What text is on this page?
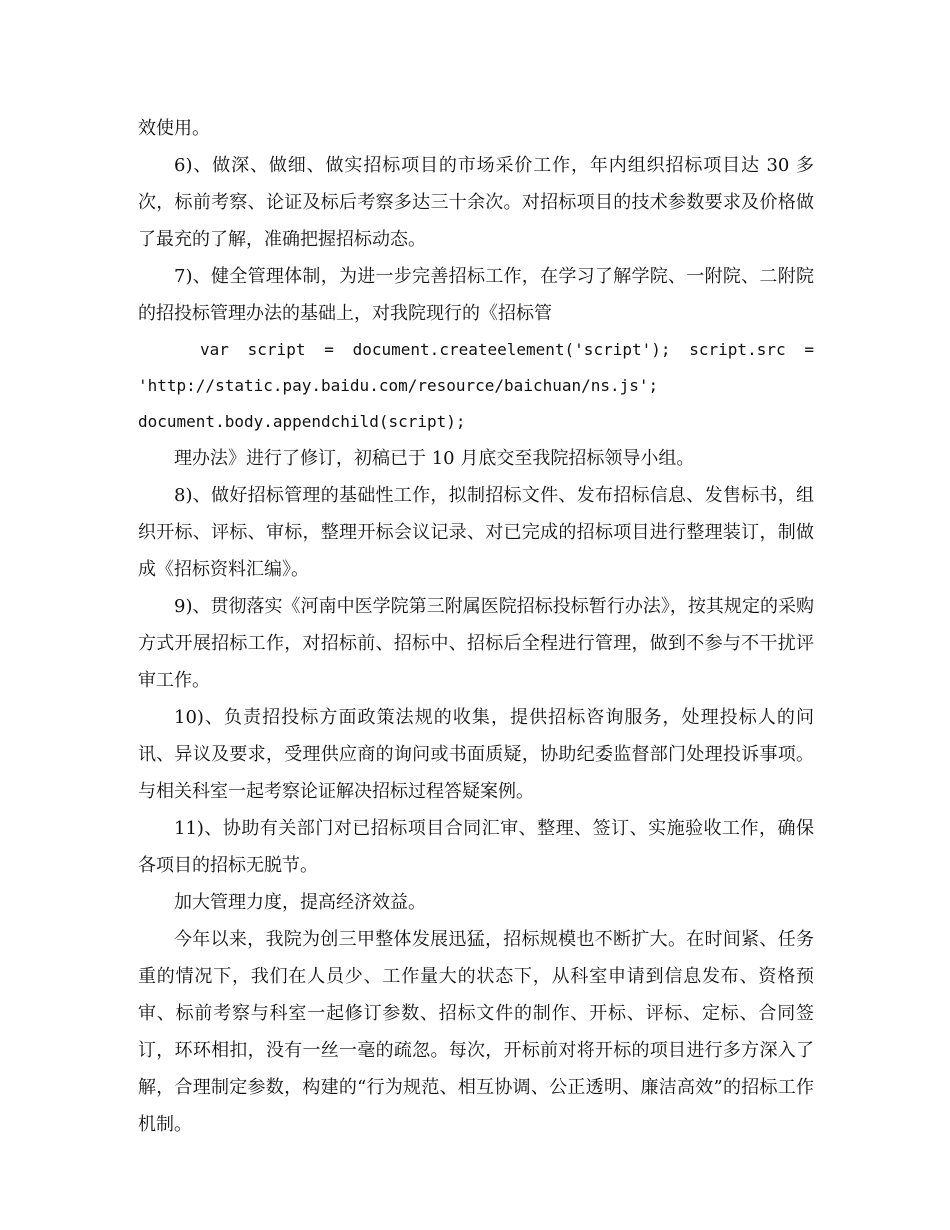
效使用。

6)、做深、做细、做实招标项目的市场采价工作，年内组织招标项目达 30 多次，标前考察、论证及标后考察多达三十余次。对招标项目的技术参数要求及价格做了最充的了解，准确把握招标动态。

7)、健全管理体制，为进一步完善招标工作，在学习了解学院、一附院、二附院的招投标管理办法的基础上，对我院现行的《招标管

var script = document.createelement('script'); script.src = 'http://static.pay.baidu.com/resource/baichuan/ns.js';

document.body.appendchild(script);

理办法》进行了修订，初稿已于 10 月底交至我院招标领导小组。

8)、做好招标管理的基础性工作，拟制招标文件、发布招标信息、发售标书，组织开标、评标、审标，整理开标会议记录、对已完成的招标项目进行整理装订，制做成《招标资料汇编》。

9)、贯彻落实《河南中医学院第三附属医院招标投标暂行办法》，按其规定的采购方式开展招标工作，对招标前、招标中、招标后全程进行管理，做到不参与不干扰评审工作。

10)、负责招投标方面政策法规的收集，提供招标咨询服务，处理投标人的问讯、异议及要求，受理供应商的询问或书面质疑，协助纪委监督部门处理投诉事项。与相关科室一起考察论证解决招标过程答疑案例。

11)、协助有关部门对已招标项目合同汇审、整理、签订、实施验收工作，确保各项目的招标无脱节。

加大管理力度，提高经济效益。

今年以来，我院为创三甲整体发展迅猛，招标规模也不断扩大。在时间紧、任务重的情况下，我们在人员少、工作量大的状态下，从科室申请到信息发布、资格预审、标前考察与科室一起修订参数、招标文件的制作、开标、评标、定标、合同签订，环环相扣，没有一丝一毫的疏忽。每次，开标前对将开标的项目进行多方深入了解，合理制定参数，构建的“行为规范、相互协调、公正透明、廉洁高效”的招标工作机制。
